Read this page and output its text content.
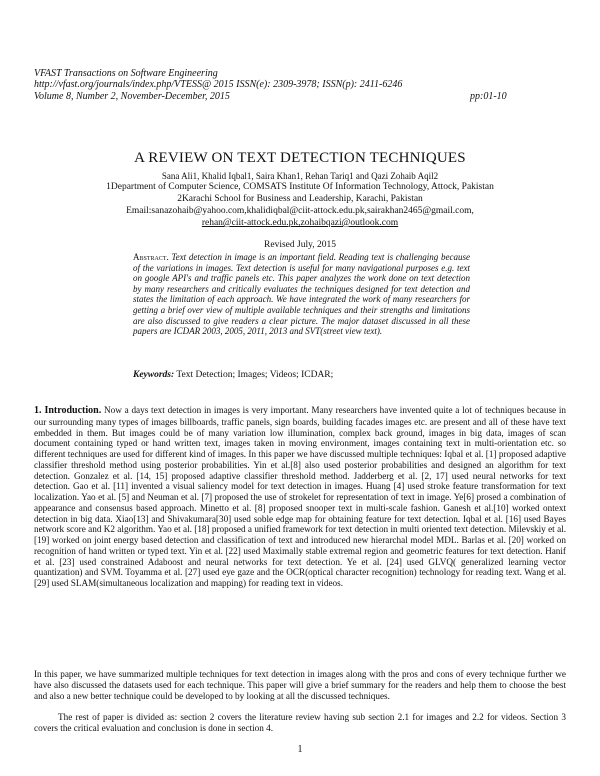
VFAST Transactions on Software Engineering
http://vfast.org/journals/index.php/VTESS@ 2015 ISSN(e): 2309-3978; ISSN(p): 2411-6246
Volume 8, Number 2, November-December, 2015	pp:01-10
A REVIEW ON TEXT DETECTION TECHNIQUES
Sana Ali1, Khalid Iqbal1, Saira Khan1, Rehan Tariq1 and Qazi Zohaib Aqil2
1Department of Computer Science, COMSATS Institute Of Information Technology, Attock, Pakistan
2Karachi School for Business and Leadership, Karachi, Pakistan
Email:sanazohaib@yahoo.com,khalidiqbal@ciit-attock.edu.pk,sairakhan2465@gmail.com,
rehan@ciit-attock.edu.pk,zohaibqazi@outlook.com
Revised July, 2015
Abstract. Text detection in image is an important field. Reading text is challenging because of the variations in images. Text detection is useful for many navigational purposes e.g. text on google API's and traffic panels etc. This paper analyzes the work done on text detection by many researchers and critically evaluates the techniques designed for text detection and states the limitation of each approach. We have integrated the work of many researchers for getting a brief over view of multiple available techniques and their strengths and limitations are also discussed to give readers a clear picture. The major dataset discussed in all these papers are ICDAR 2003, 2005, 2011, 2013 and SVT(street view text).
Keywords: Text Detection; Images; Videos; ICDAR;
1. Introduction. Now a days text detection in images is very important. Many researchers have invented quite a lot of techniques because in our surrounding many types of images billboards, traffic panels, sign boards, building facades images etc. are present and all of these have text embedded in them. But images could be of many variation low illumination, complex back ground, images in big data, images of scan document containing typed or hand written text, images taken in moving environment, images containing text in multi-orientation etc. so different techniques are used for different kind of images. In this paper we have discussed multiple techniques: Iqbal et al. [1] proposed adaptive classifier threshold method using posterior probabilities. Yin et al.[8] also used posterior probabilities and designed an algorithm for text detection. Gonzalez et al. [14, 15] proposed adaptive classifier threshold method. Jadderberg et al. [2, 17] used neural networks for text detection. Gao et al. [11] invented a visual saliency model for text detection in images. Huang [4] used stroke feature transformation for text localization. Yao et al. [5] and Neuman et al. [7] proposed the use of strokelet for representation of text in image. Ye[6] prosed a combination of appearance and consensus based approach. Minetto et al. [8] proposed snooper text in multi-scale fashion. Ganesh et al.[10] worked ontext detection in big data. Xiao[13] and Shivakumara[30] used soble edge map for obtaining feature for text detection. Iqbal et al. [16] used Bayes network score and K2 algorithm. Yao et al. [18] proposed a unified framework for text detection in multi oriented text detection. Milevskiy et al. [19] worked on joint energy based detection and classification of text and introduced new hierarchal model MDL. Barlas et al. [20] worked on recognition of hand written or typed text. Yin et al. [22] used Maximally stable extremal region and geometric features for text detection. Hanif et al. [23] used constrained Adaboost and neural networks for text detection. Ye et al. [24] used GLVQ( generalized learning vector quantization) and SVM. Toyamma et al. [27] used eye gaze and the OCR(optical character recognition) technology for reading text. Wang et al. [29] used SLAM(simultaneous localization and mapping) for reading text in videos.
In this paper, we have summarized multiple techniques for text detection in images along with the pros and cons of every technique further we have also discussed the datasets used for each technique. This paper will give a brief summary for the readers and help them to choose the best and also a new better technique could be developed to by looking at all the discussed techniques.
The rest of paper is divided as: section 2 covers the literature review having sub section 2.1 for images and 2.2 for videos. Section 3 covers the critical evaluation and conclusion is done in section 4.
1
